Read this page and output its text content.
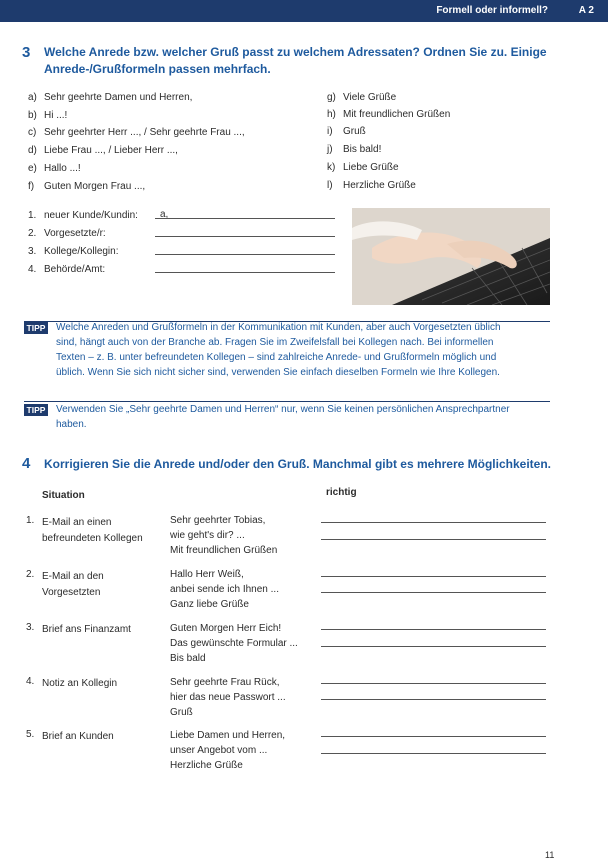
Formell oder informell?	A 2
3 Welche Anrede bzw. welcher Gruß passt zu welchem Adressaten? Ordnen Sie zu. Einige
Anrede-/Grußformeln passen mehrfach.
a) Sehr geehrte Damen und Herren,
b) Hi ...!
c) Sehr geehrter Herr ..., / Sehr geehrte Frau ...,
d) Liebe Frau ..., / Lieber Herr ...,
e) Hallo ...!
f) Guten Morgen Frau ...,
g) Viele Grüße
h) Mit freundlichen Grüßen
i) Gruß
j) Bis bald!
k) Liebe Grüße
l) Herzliche Grüße
1. neuer Kunde/Kundin: a,
2. Vorgesetzte/r:
3. Kollege/Kollegin:
4. Behörde/Amt:
TIPP Welche Anreden und Grußformeln in der Kommunikation mit Kunden, aber auch Vorgesetzten üblich
sind, hängt auch von der Branche ab. Fragen Sie im Zweifelsfall bei Kollegen nach. Bei informellen
Texten – z. B. unter befreundeten Kollegen – sind zahlreiche Anrede- und Grußformeln möglich und
üblich. Wenn Sie sich nicht sicher sind, verwenden Sie einfach dieselben Formeln wie Ihre Kollegen.
TIPP Verwenden Sie „Sehr geehrte Damen und Herren“ nur, wenn Sie keinen persönlichen Ansprechpartner
haben.
4 Korrigieren Sie die Anrede und/oder den Gruß. Manchmal gibt es mehrere Möglichkeiten.
Situation	richtig
1. E-Mail an einen
befreundeten Kollegen
Sehr geehrter Tobias,
wie geht's dir? ...
Mit freundlichen Grüßen
2. E-Mail an den
Vorgesetzten
Hallo Herr Weiß,
anbei sende ich Ihnen ...
Ganz liebe Grüße
3. Brief ans Finanzamt	Guten Morgen Herr Eich!
Das gewünschte Formular ...
Bis bald
4. Notiz an Kollegin	Sehr geehrte Frau Rück,
hier das neue Passwort ...
Gruß
5. Brief an Kunden	Liebe Damen und Herren,
unser Angebot vom ...
Herzliche Grüße
11
